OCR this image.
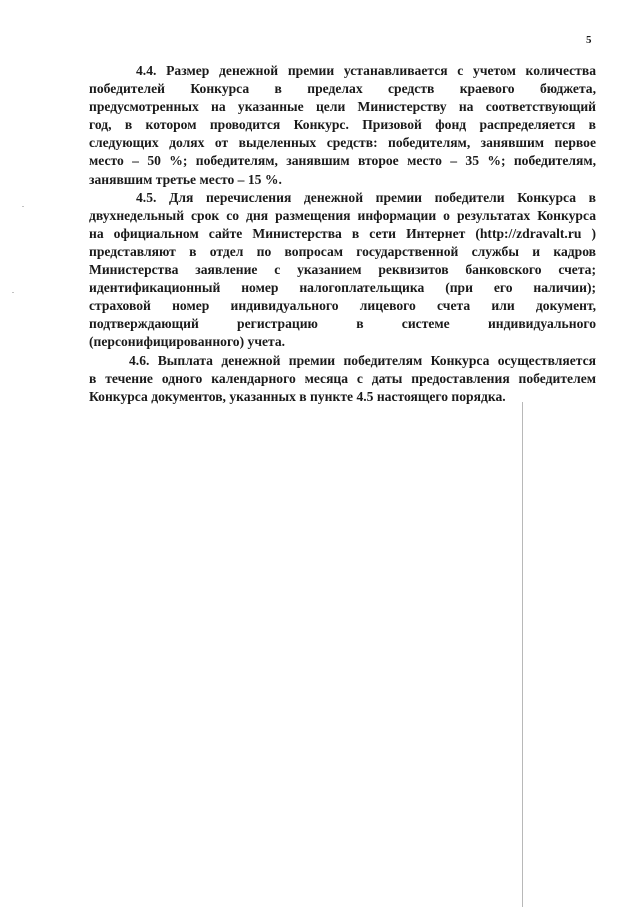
5
4.4. Размер денежной премии устанавливается с учетом количества
победителей Конкурса в пределах средств краевого бюджета,
предусмотренных на указанные цели Министерству на соответствующий
год, в котором проводится Конкурс. Призовой фонд распределяется в
следующих долях от выделенных средств: победителям, занявшим первое
место – 50 %; победителям, занявшим второе место – 35 %; победителям,
занявшим третье место – 15 %.
4.5. Для перечисления денежной премии победители Конкурса в
двухнедельный срок со дня размещения информации о результатах Конкурса
на официальном сайте Министерства в сети Интернет (http://zdravalt.ru )
представляют в отдел по вопросам государственной службы и кадров
Министерства заявление с указанием реквизитов банковского счета;
идентификационный номер налогоплательщика (при его наличии);
страховой номер индивидуального лицевого счета или документ,
подтверждающий регистрацию в системе индивидуального
(персонифицированного) учета.
4.6. Выплата денежной премии победителям Конкурса осуществляется
в течение одного календарного месяца с даты предоставления победителем
Конкурса документов, указанных в пункте 4.5 настоящего порядка.
